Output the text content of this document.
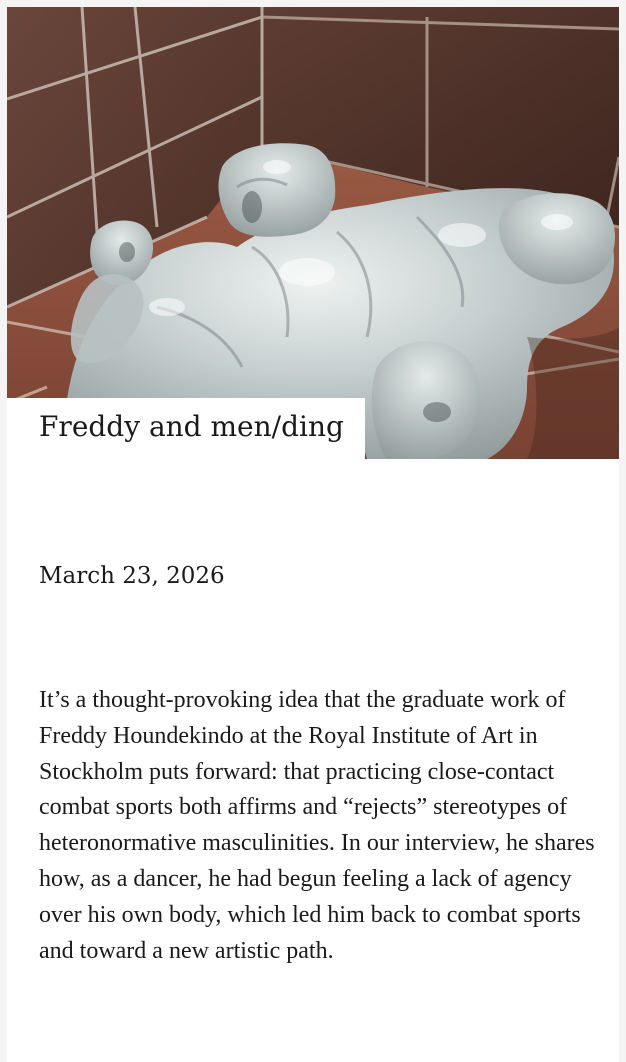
Freddy and men/ding

March 23, 2026

It’s a thought-provoking idea that the graduate work of Freddy Houndekindo at the Royal Institute of Art in Stockholm puts forward: that practicing close-contact combat sports both affirms and “rejects” stereotypes of heteronormative masculinities. In our interview, he shares how, as a dancer, he had begun feeling a lack of agency over his own body, which led him back to combat sports and toward a new artistic path.
